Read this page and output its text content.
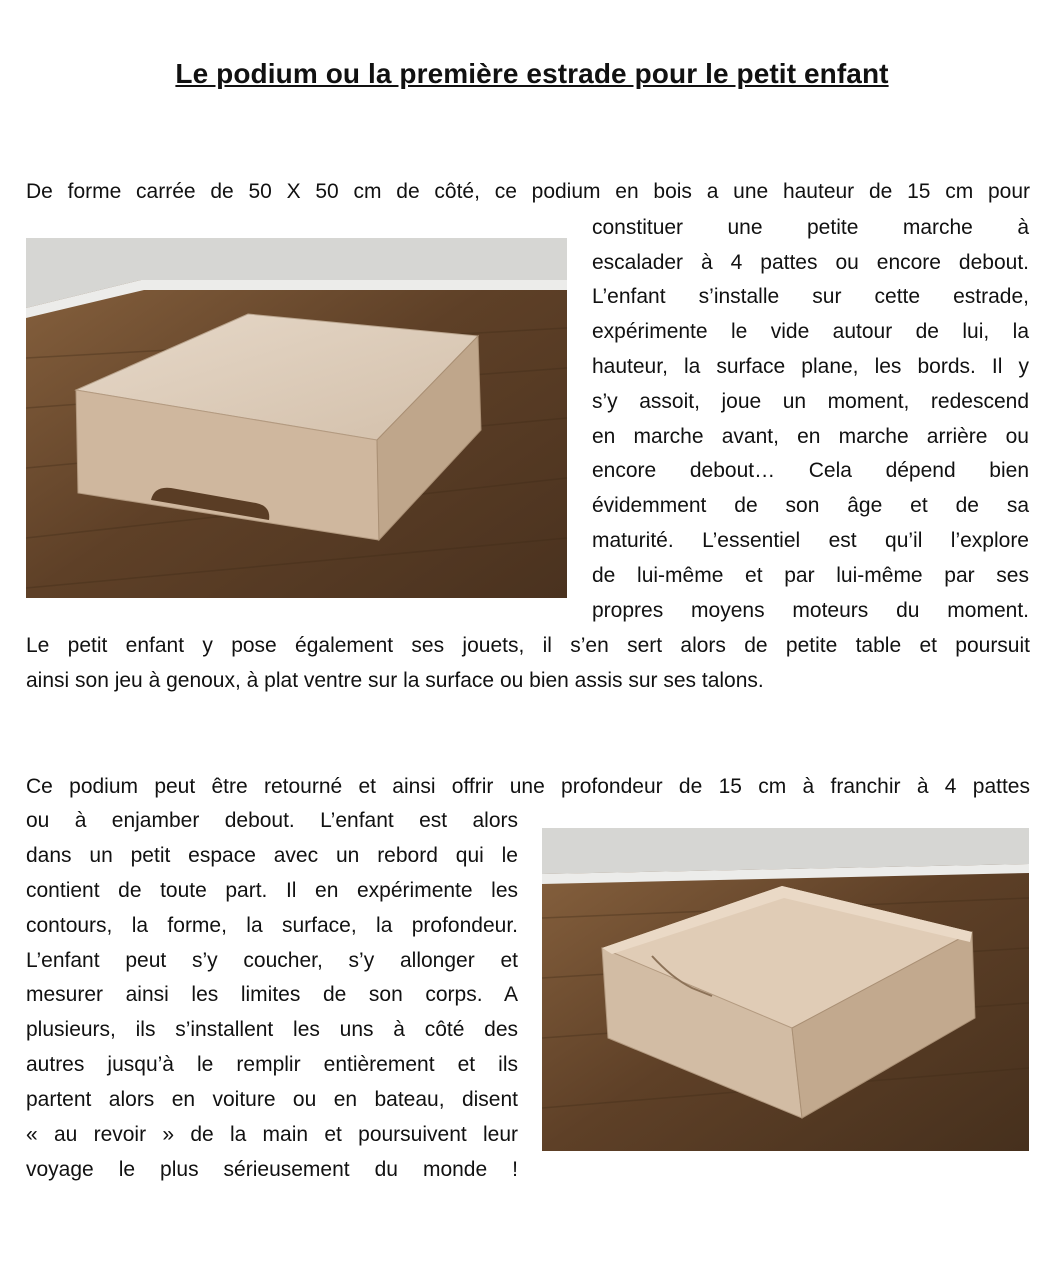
Le podium ou la première estrade pour le petit enfant
De forme carrée de 50 X 50 cm de côté, ce podium en bois a une hauteur de 15 cm pour
constituer une petite marche à
escalader à 4 pattes ou encore debout.
L’enfant s’installe sur cette estrade,
expérimente le vide autour de lui, la
hauteur, la surface plane, les bords. Il y
s’y assoit, joue un moment, redescend
en marche avant, en marche arrière ou
encore debout… Cela dépend bien
évidemment de son âge et de sa
maturité. L’essentiel est qu’il l’explore
de lui-même et par lui-même par ses
propres moyens moteurs du moment.
Le petit enfant y pose également ses jouets, il s’en sert alors de petite table et poursuit
ainsi son jeu à genoux, à plat ventre sur la surface ou bien assis sur ses talons.
Ce podium peut être retourné et ainsi offrir une profondeur de 15 cm à franchir à 4 pattes
ou à enjamber debout. L’enfant est alors
dans un petit espace avec un rebord qui le
contient de toute part. Il en expérimente les
contours, la forme, la surface, la profondeur.
L’enfant peut s’y coucher, s’y allonger et
mesurer ainsi les limites de son corps. A
plusieurs, ils s’installent les uns à côté des
autres jusqu’à le remplir entièrement et ils
partent alors en voiture ou en bateau, disent
« au revoir » de la main et poursuivent leur
voyage le plus sérieusement du monde !
